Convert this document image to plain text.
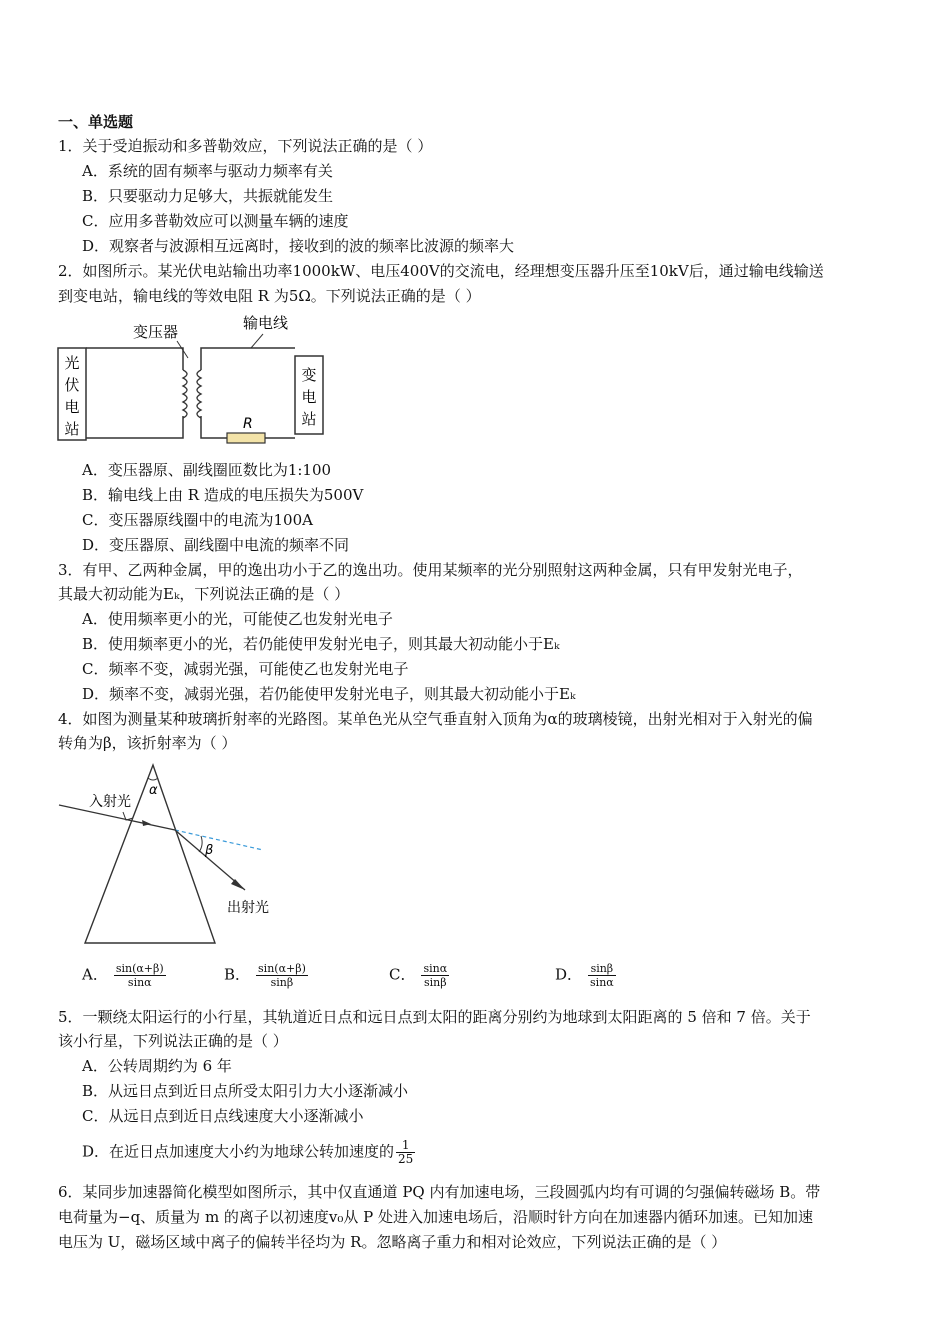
一、单选题
1．关于受迫振动和多普勒效应，下列说法正确的是（ ）
A．系统的固有频率与驱动力频率有关
B．只要驱动力足够大，共振就能发生
C．应用多普勒效应可以测量车辆的速度
D．观察者与波源相互远离时，接收到的波的频率比波源的频率大
2．如图所示。某光伏电站输出功率1000kW、电压400V的交流电，经理想变压器升压至10kV后，通过输电线输送
到变电站，输电线的等效电阻 R 为5Ω。下列说法正确的是（ ）
光
伏
电
站	R
变
电
站
变压器	输电线
A．变压器原、副线圈匝数比为1:100
B．输电线上由 R 造成的电压损失为500V
C．变压器原线圈中的电流为100A
D．变压器原、副线圈中电流的频率不同
3．有甲、乙两种金属，甲的逸出功小于乙的逸出功。使用某频率的光分别照射这两种金属，只有甲发射光电子，
其最大初动能为Eₖ，下列说法正确的是（ ）
A．使用频率更小的光，可能使乙也发射光电子
B．使用频率更小的光，若仍能使甲发射光电子，则其最大初动能小于Eₖ
C．频率不变，减弱光强，可能使乙也发射光电子
D．频率不变，减弱光强，若仍能使甲发射光电子，则其最大初动能小于Eₖ
4．如图为测量某种玻璃折射率的光路图。某单色光从空气垂直射入顶角为α的玻璃棱镜，出射光相对于入射光的偏
转角为β，该折射率为（ ）
α
入射光
β
出射光
A． $\frac{\sin(\alpha+\beta)}{\sin\alpha}$	B． $\frac{\sin(\alpha+\beta)}{\sin\beta}$	C． $\frac{\sin\alpha}{\sin\beta}$	D． $\frac{\sin\beta}{\sin\alpha}$
5．一颗绕太阳运行的小行星，其轨道近日点和远日点到太阳的距离分别约为地球到太阳距离的 5 倍和 7 倍。关于
该小行星，下列说法正确的是（ ）
A．公转周期约为 6 年
B．从远日点到近日点所受太阳引力大小逐渐减小
C．从远日点到近日点线速度大小逐渐减小
D．在近日点加速度大小约为地球公转加速度的 $\frac{1}{25}$
6．某同步加速器简化模型如图所示，其中仅直通道 PQ 内有加速电场，三段圆弧内均有可调的匀强偏转磁场 B。带
电荷量为−q、质量为 m 的离子以初速度v₀从 P 处进入加速电场后，沿顺时针方向在加速器内循环加速。已知加速
电压为 U，磁场区域中离子的偏转半径均为 R。忽略离子重力和相对论效应，下列说法正确的是（ ）
